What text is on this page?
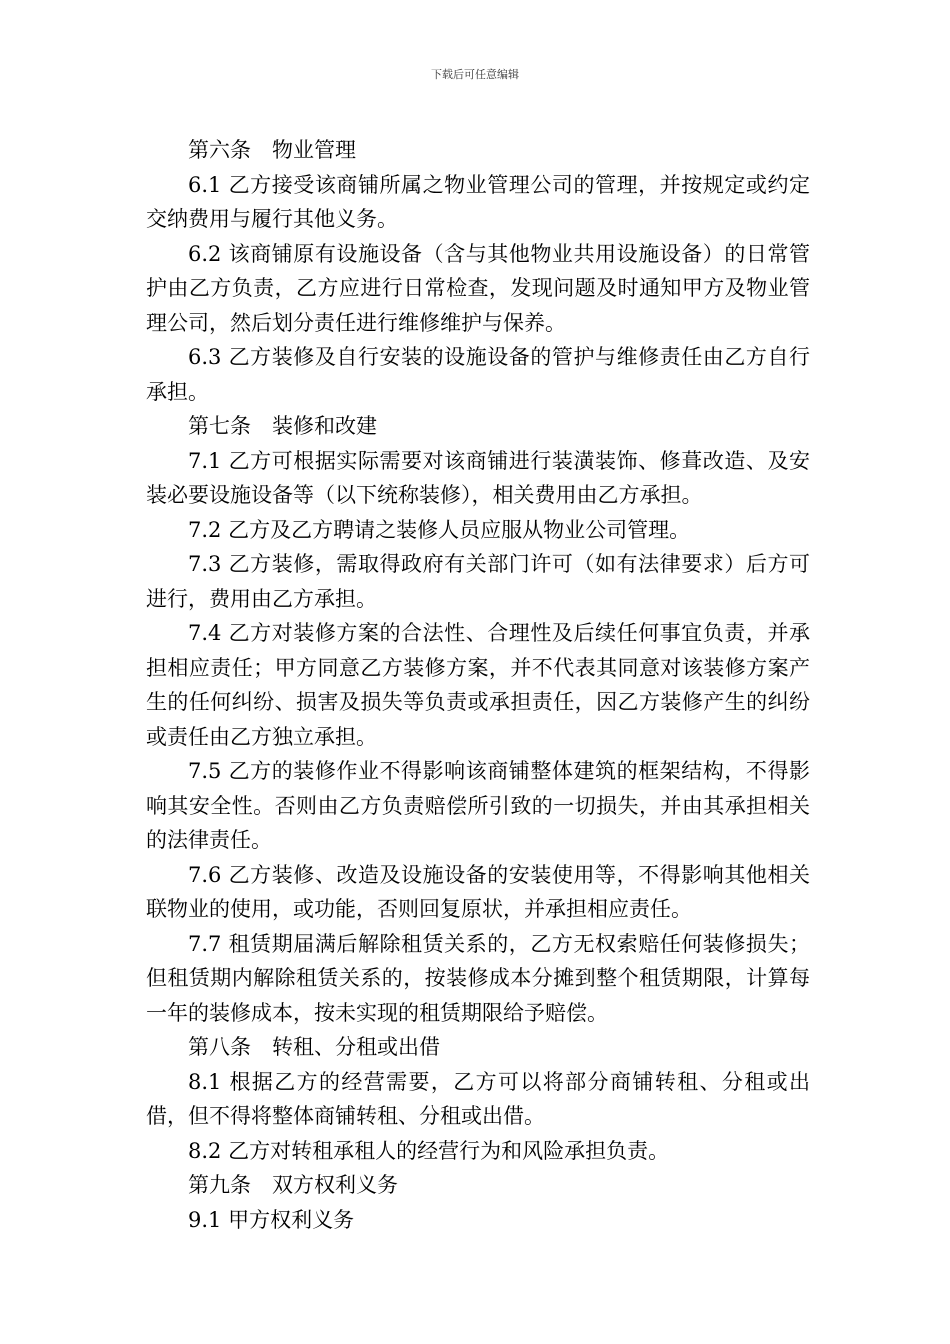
下载后可任意编辑

第六条　物业管理

6.1 乙方接受该商铺所属之物业管理公司的管理，并按规定或约定交纳费用与履行其他义务。

6.2 该商铺原有设施设备（含与其他物业共用设施设备）的日常管护由乙方负责，乙方应进行日常检查，发现问题及时通知甲方及物业管理公司，然后划分责任进行维修维护与保养。

6.3 乙方装修及自行安装的设施设备的管护与维修责任由乙方自行承担。

第七条　装修和改建

7.1 乙方可根据实际需要对该商铺进行装潢装饰、修葺改造、及安装必要设施设备等（以下统称装修），相关费用由乙方承担。

7.2 乙方及乙方聘请之装修人员应服从物业公司管理。

7.3 乙方装修，需取得政府有关部门许可（如有法律要求）后方可进行，费用由乙方承担。

7.4 乙方对装修方案的合法性、合理性及后续任何事宜负责，并承担相应责任；甲方同意乙方装修方案，并不代表其同意对该装修方案产生的任何纠纷、损害及损失等负责或承担责任，因乙方装修产生的纠纷或责任由乙方独立承担。

7.5 乙方的装修作业不得影响该商铺整体建筑的框架结构，不得影响其安全性。否则由乙方负责赔偿所引致的一切损失，并由其承担相关的法律责任。

7.6 乙方装修、改造及设施设备的安装使用等，不得影响其他相关联物业的使用，或功能，否则回复原状，并承担相应责任。

7.7 租赁期届满后解除租赁关系的，乙方无权索赔任何装修损失；但租赁期内解除租赁关系的，按装修成本分摊到整个租赁期限，计算每一年的装修成本，按未实现的租赁期限给予赔偿。

第八条　转租、分租或出借

8.1 根据乙方的经营需要，乙方可以将部分商铺转租、分租或出借，但不得将整体商铺转租、分租或出借。

8.2 乙方对转租承租人的经营行为和风险承担负责。

第九条　双方权利义务

9.1 甲方权利义务
